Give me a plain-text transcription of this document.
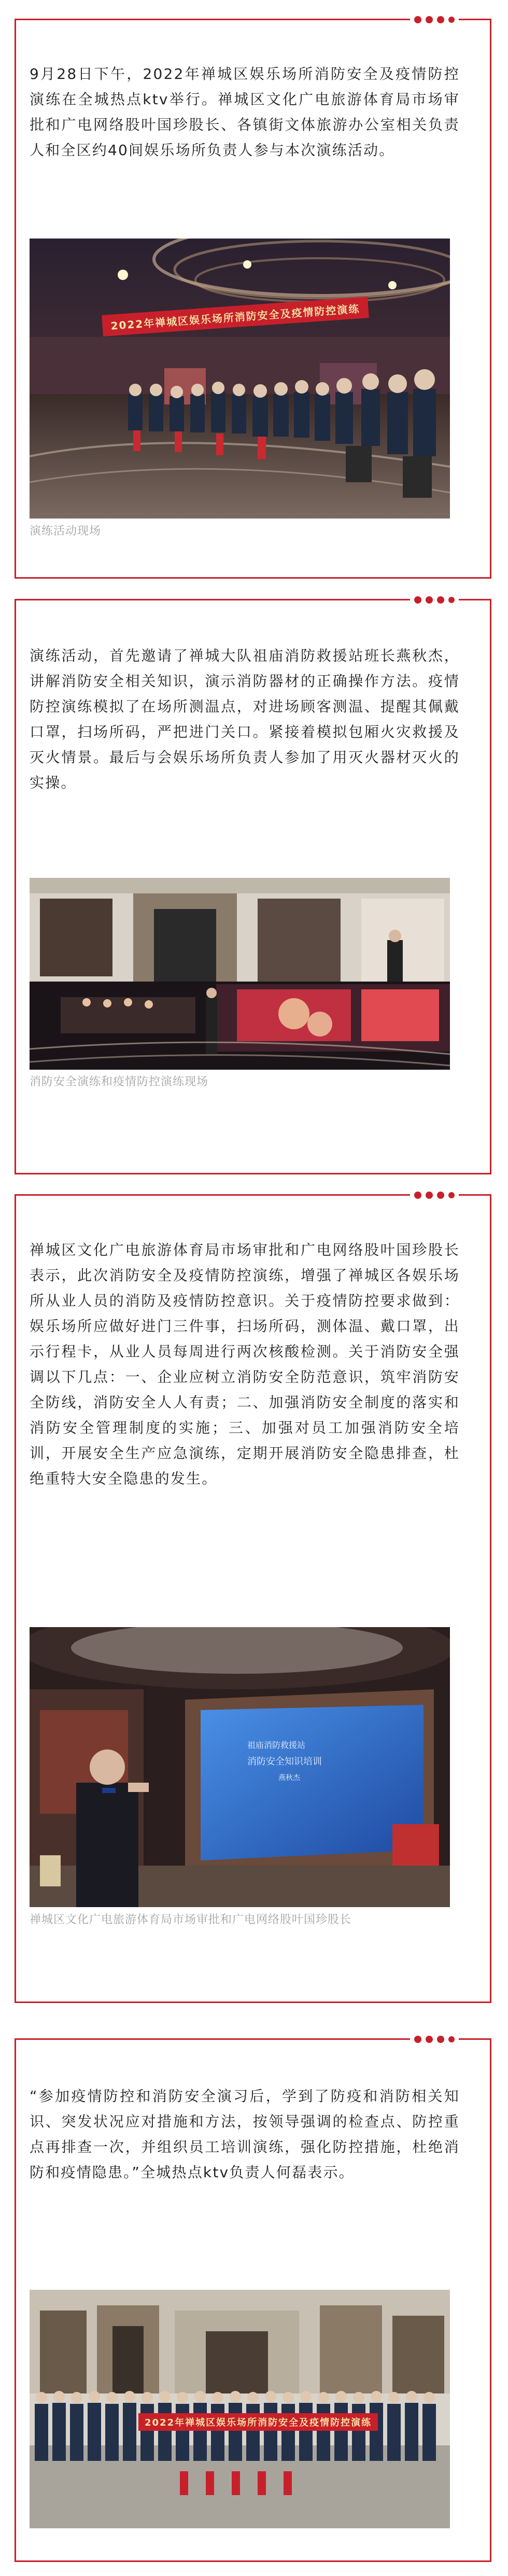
9月28日下午，2022年禅城区娱乐场所消防安全及疫情防控演练在全城热点ktv举行。禅城区文化广电旅游体育局市场审批和广电网络股叶国珍股长、各镇街文体旅游办公室相关负责人和全区约40间娱乐场所负责人参与本次演练活动。
2022年禅城区娱乐场所消防安全及疫情防控演练
演练活动现场
演练活动，首先邀请了禅城大队祖庙消防救援站班长燕秋杰，讲解消防安全相关知识，演示消防器材的正确操作方法。疫情防控演练模拟了在场所测温点，对进场顾客测温、提醒其佩戴口罩，扫场所码，严把进门关口。紧接着模拟包厢火灾救援及灭火情景。最后与会娱乐场所负责人参加了用灭火器材灭火的实操。
消防安全演练和疫情防控演练现场
禅城区文化广电旅游体育局市场审批和广电网络股叶国珍股长表示，此次消防安全及疫情防控演练，增强了禅城区各娱乐场所从业人员的消防及疫情防控意识。关于疫情防控要求做到：娱乐场所应做好进门三件事，扫场所码，测体温、戴口罩，出示行程卡，从业人员每周进行两次核酸检测。关于消防安全强调以下几点：一、企业应树立消防安全防范意识，筑牢消防安全防线，消防安全人人有责；二、加强消防安全制度的落实和消防安全管理制度的实施；三、加强对员工加强消防安全培训，开展安全生产应急演练，定期开展消防安全隐患排查，杜绝重特大安全隐患的发生。
祖庙消防救援站
消防安全知识培训
燕秋杰
禅城区文化广电旅游体育局市场审批和广电网络股叶国珍股长
“参加疫情防控和消防安全演习后，学到了防疫和消防相关知识、突发状况应对措施和方法，按领导强调的检查点、防控重点再排查一次，并组织员工培训演练，强化防控措施，杜绝消防和疫情隐患。”全城热点ktv负责人何磊表示。
2022年禅城区娱乐场所消防安全及疫情防控演练
